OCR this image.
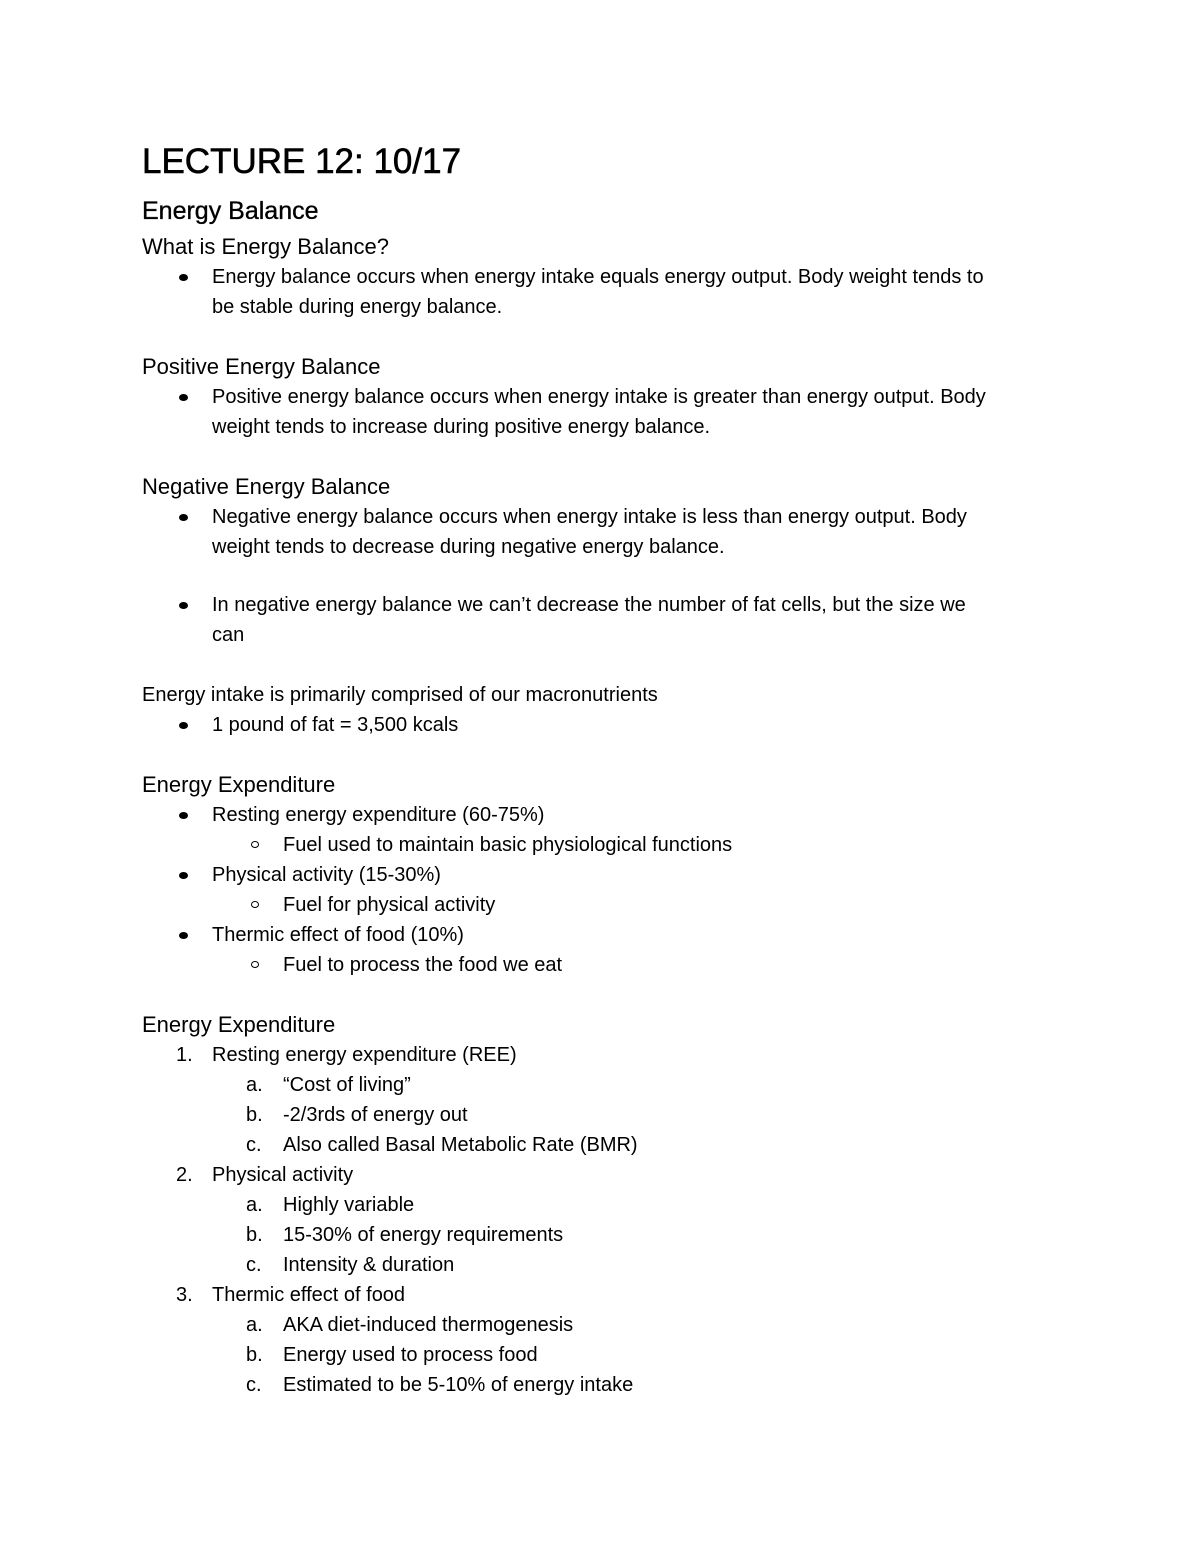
LECTURE 12: 10/17
Energy Balance
What is Energy Balance?
Energy balance occurs when energy intake equals energy output. Body weight tends to
be stable during energy balance.
Positive Energy Balance
Positive energy balance occurs when energy intake is greater than energy output. Body
weight tends to increase during positive energy balance.
Negative Energy Balance
Negative energy balance occurs when energy intake is less than energy output. Body
weight tends to decrease during negative energy balance.
In negative energy balance we can’t decrease the number of fat cells, but the size we
can
Energy intake is primarily comprised of our macronutrients
1 pound of fat = 3,500 kcals
Energy Expenditure
Resting energy expenditure (60-75%)
Fuel used to maintain basic physiological functions
Physical activity (15-30%)
Fuel for physical activity
Thermic effect of food (10%)
Fuel to process the food we eat
Energy Expenditure
1. Resting energy expenditure (REE)
a. “Cost of living”
b. -2/3rds of energy out
c. Also called Basal Metabolic Rate (BMR)
2. Physical activity
a. Highly variable
b. 15-30% of energy requirements
c. Intensity & duration
3. Thermic effect of food
a. AKA diet-induced thermogenesis
b. Energy used to process food
c. Estimated to be 5-10% of energy intake
